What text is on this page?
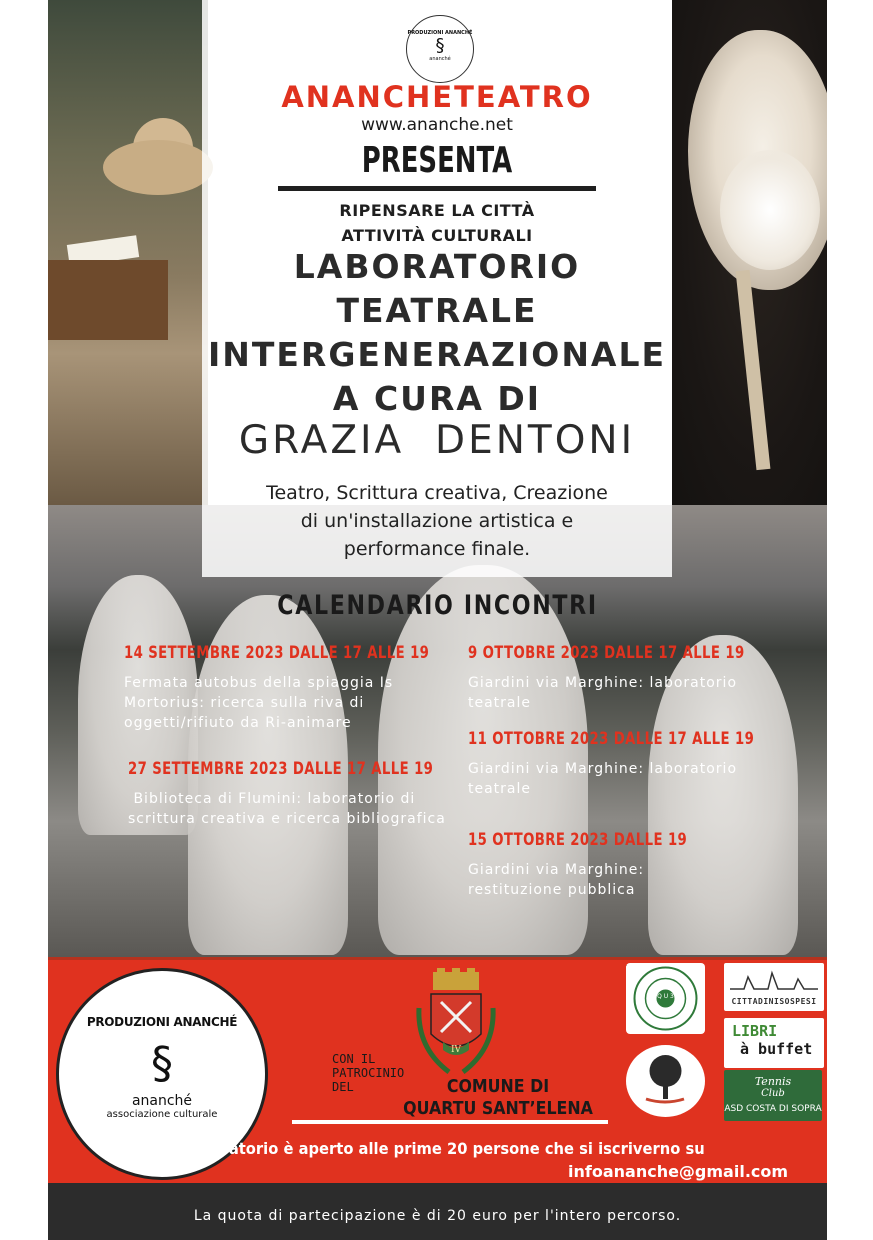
PRODUZIONI ANANCHÉ
§
ananché
ANANCHETEATRO
www.ananche.net
PRESENTA
RIPENSARE LA CITTÀ
ATTIVITÀ CULTURALI
LABORATORIO
TEATRALE
INTERGENERAZIONALE
A CURA DI
GRAZIA  DENTONI
Teatro, Scrittura creativa, Creazione
di un'installazione artistica e
performance finale.
CALENDARIO INCONTRI
14 SETTEMBRE 2023 DALLE 17 ALLE 19
Fermata autobus della spiaggia Is Mortorius: ricerca sulla riva di oggetti/rifiuto da Ri-animare
27 SETTEMBRE 2023 DALLE 17 ALLE 19
Biblioteca di Flumini: laboratorio di scrittura creativa e ricerca bibliografica
9 OTTOBRE 2023 DALLE 17 ALLE 19
Giardini via Marghine: laboratorio teatrale
11 OTTOBRE 2023 DALLE 17 ALLE 19
Giardini via Marghine: laboratorio teatrale
15 OTTOBRE 2023 DALLE 19
Giardini via Marghine: restituzione pubblica
PRODUZIONI ANANCHÉ
§
ananché
associazione culturale
CON IL
PATROCINIO
DEL
IV
COMUNE DI
QUARTU SANT’ELENA
Q U 3
CITTADINISOSPESI
LIBRI
à buffet
Tennis
Club
ASD COSTA DI SOPRA
Il laboratorio è aperto alle prime 20 persone che si iscriverno su
infoananche@gmail.com
La quota di partecipazione è di 20 euro per l'intero percorso.
